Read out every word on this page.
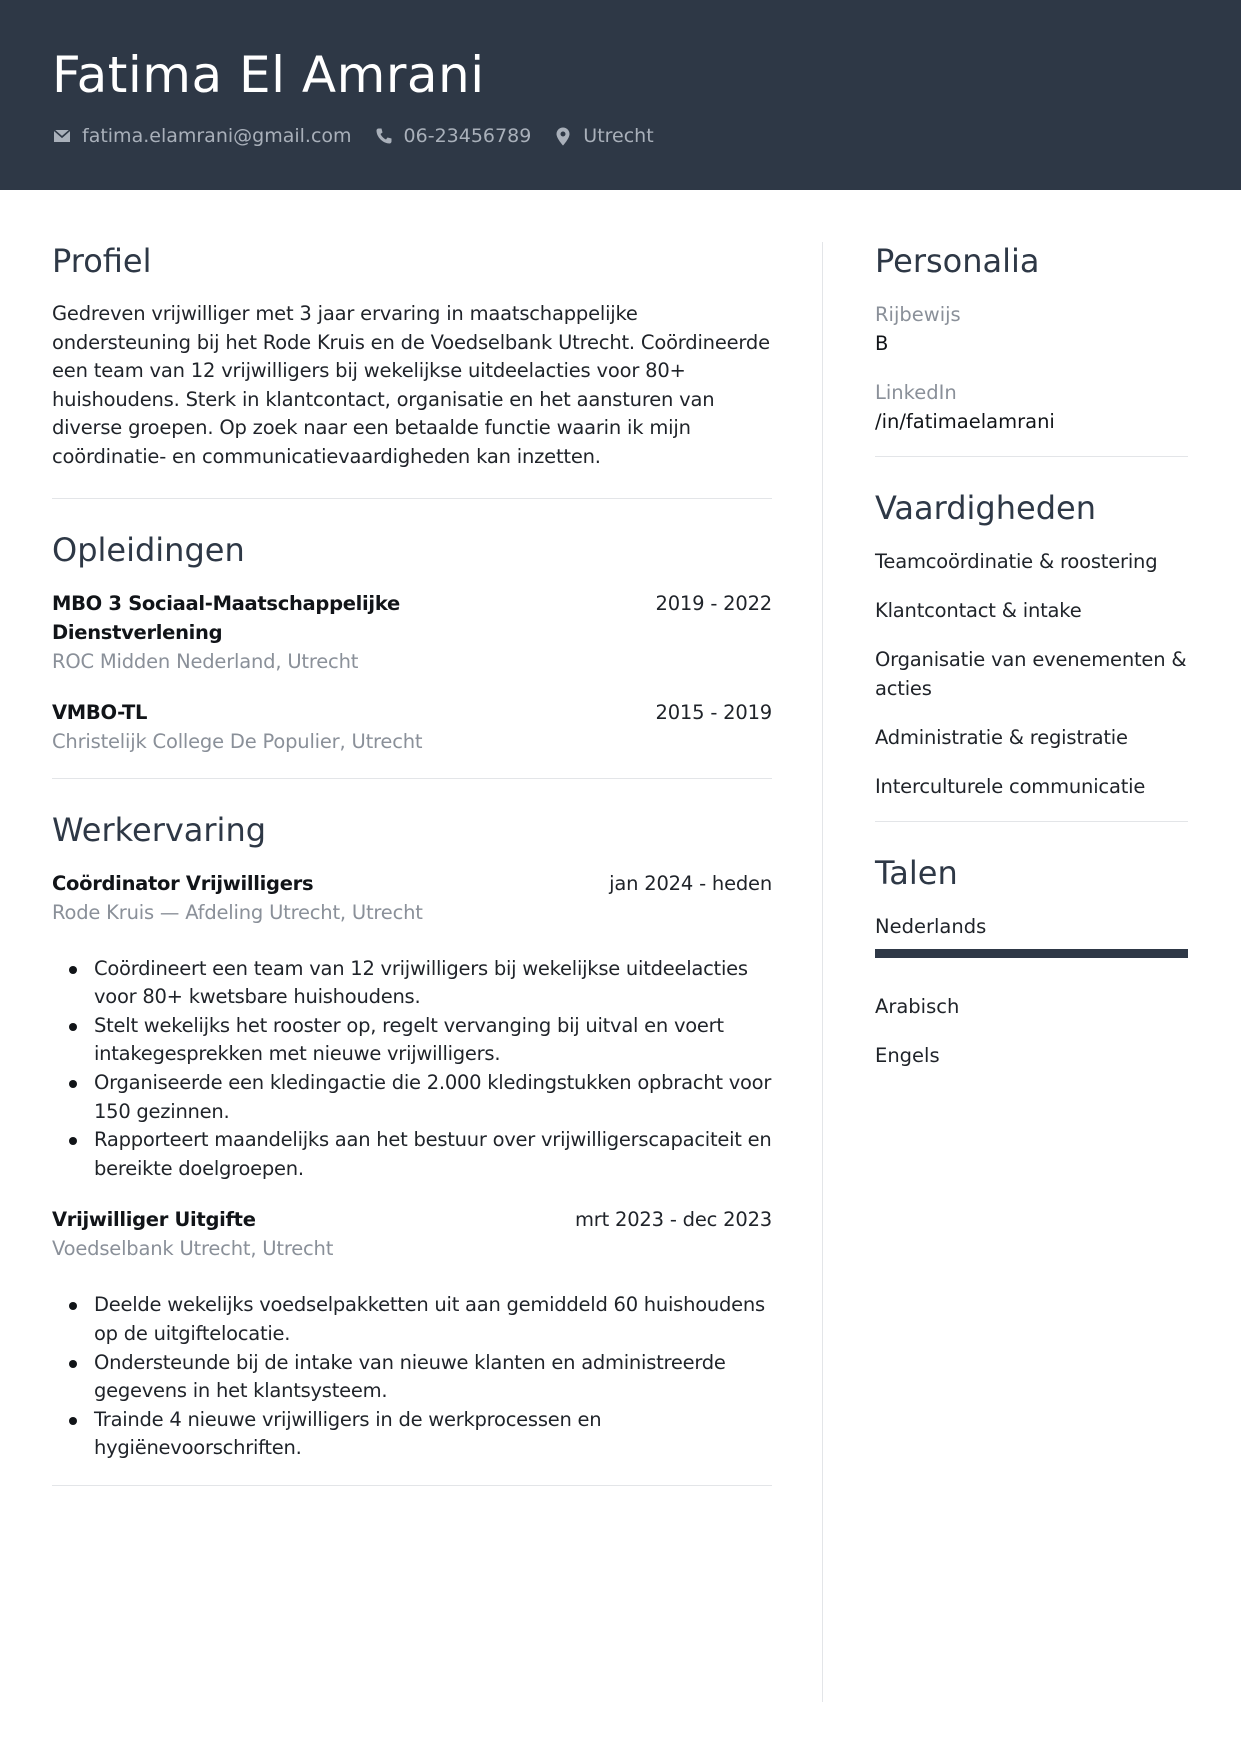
Fatima El Amrani
fatima.elamrani@gmail.com	06-23456789	Utrecht
Profiel

Gedreven vrijwilliger met 3 jaar ervaring in maatschappelijke ondersteuning bij het Rode Kruis en de Voedselbank Utrecht. Coördineerde een team van 12 vrijwilligers bij wekelijkse uitdeelacties voor 80+ huishoudens. Sterk in klantcontact, organisatie en het aansturen van diverse groepen. Op zoek naar een betaalde functie waarin ik mijn coördinatie- en communicatievaardigheden kan inzetten.

Opleidingen
MBO 3 Sociaal-Maatschappelijke Dienstverlening
2019 - 2022
ROC Midden Nederland, Utrecht
VMBO-TL	2015 - 2019
Christelijk College De Populier, Utrecht
Werkervaring
Coördinator Vrijwilligers	jan 2024 - heden
Rode Kruis — Afdeling Utrecht, Utrecht
Coördineert een team van 12 vrijwilligers bij wekelijkse uitdeelacties voor 80+ kwetsbare huishoudens.
Stelt wekelijks het rooster op, regelt vervanging bij uitval en voert intakegesprekken met nieuwe vrijwilligers.
Organiseerde een kledingactie die 2.000 kledingstukken opbracht voor 150 gezinnen.
Rapporteert maandelijks aan het bestuur over vrijwilligerscapaciteit en bereikte doelgroepen.
Vrijwilliger Uitgifte	mrt 2023 - dec 2023
Voedselbank Utrecht, Utrecht
Deelde wekelijks voedselpakketten uit aan gemiddeld 60 huishoudens op de uitgiftelocatie.
Ondersteunde bij de intake van nieuwe klanten en administreerde gegevens in het klantsysteem.
Trainde 4 nieuwe vrijwilligers in de werkprocessen en hygiënevoorschriften.
Personalia
Rijbewijs
B
LinkedIn
/in/fatimaelamrani
Vaardigheden
Teamcoördinatie & roostering
Klantcontact & intake
Organisatie van evenementen & acties
Administratie & registratie
Interculturele communicatie
Talen
Nederlands
Arabisch
Engels
